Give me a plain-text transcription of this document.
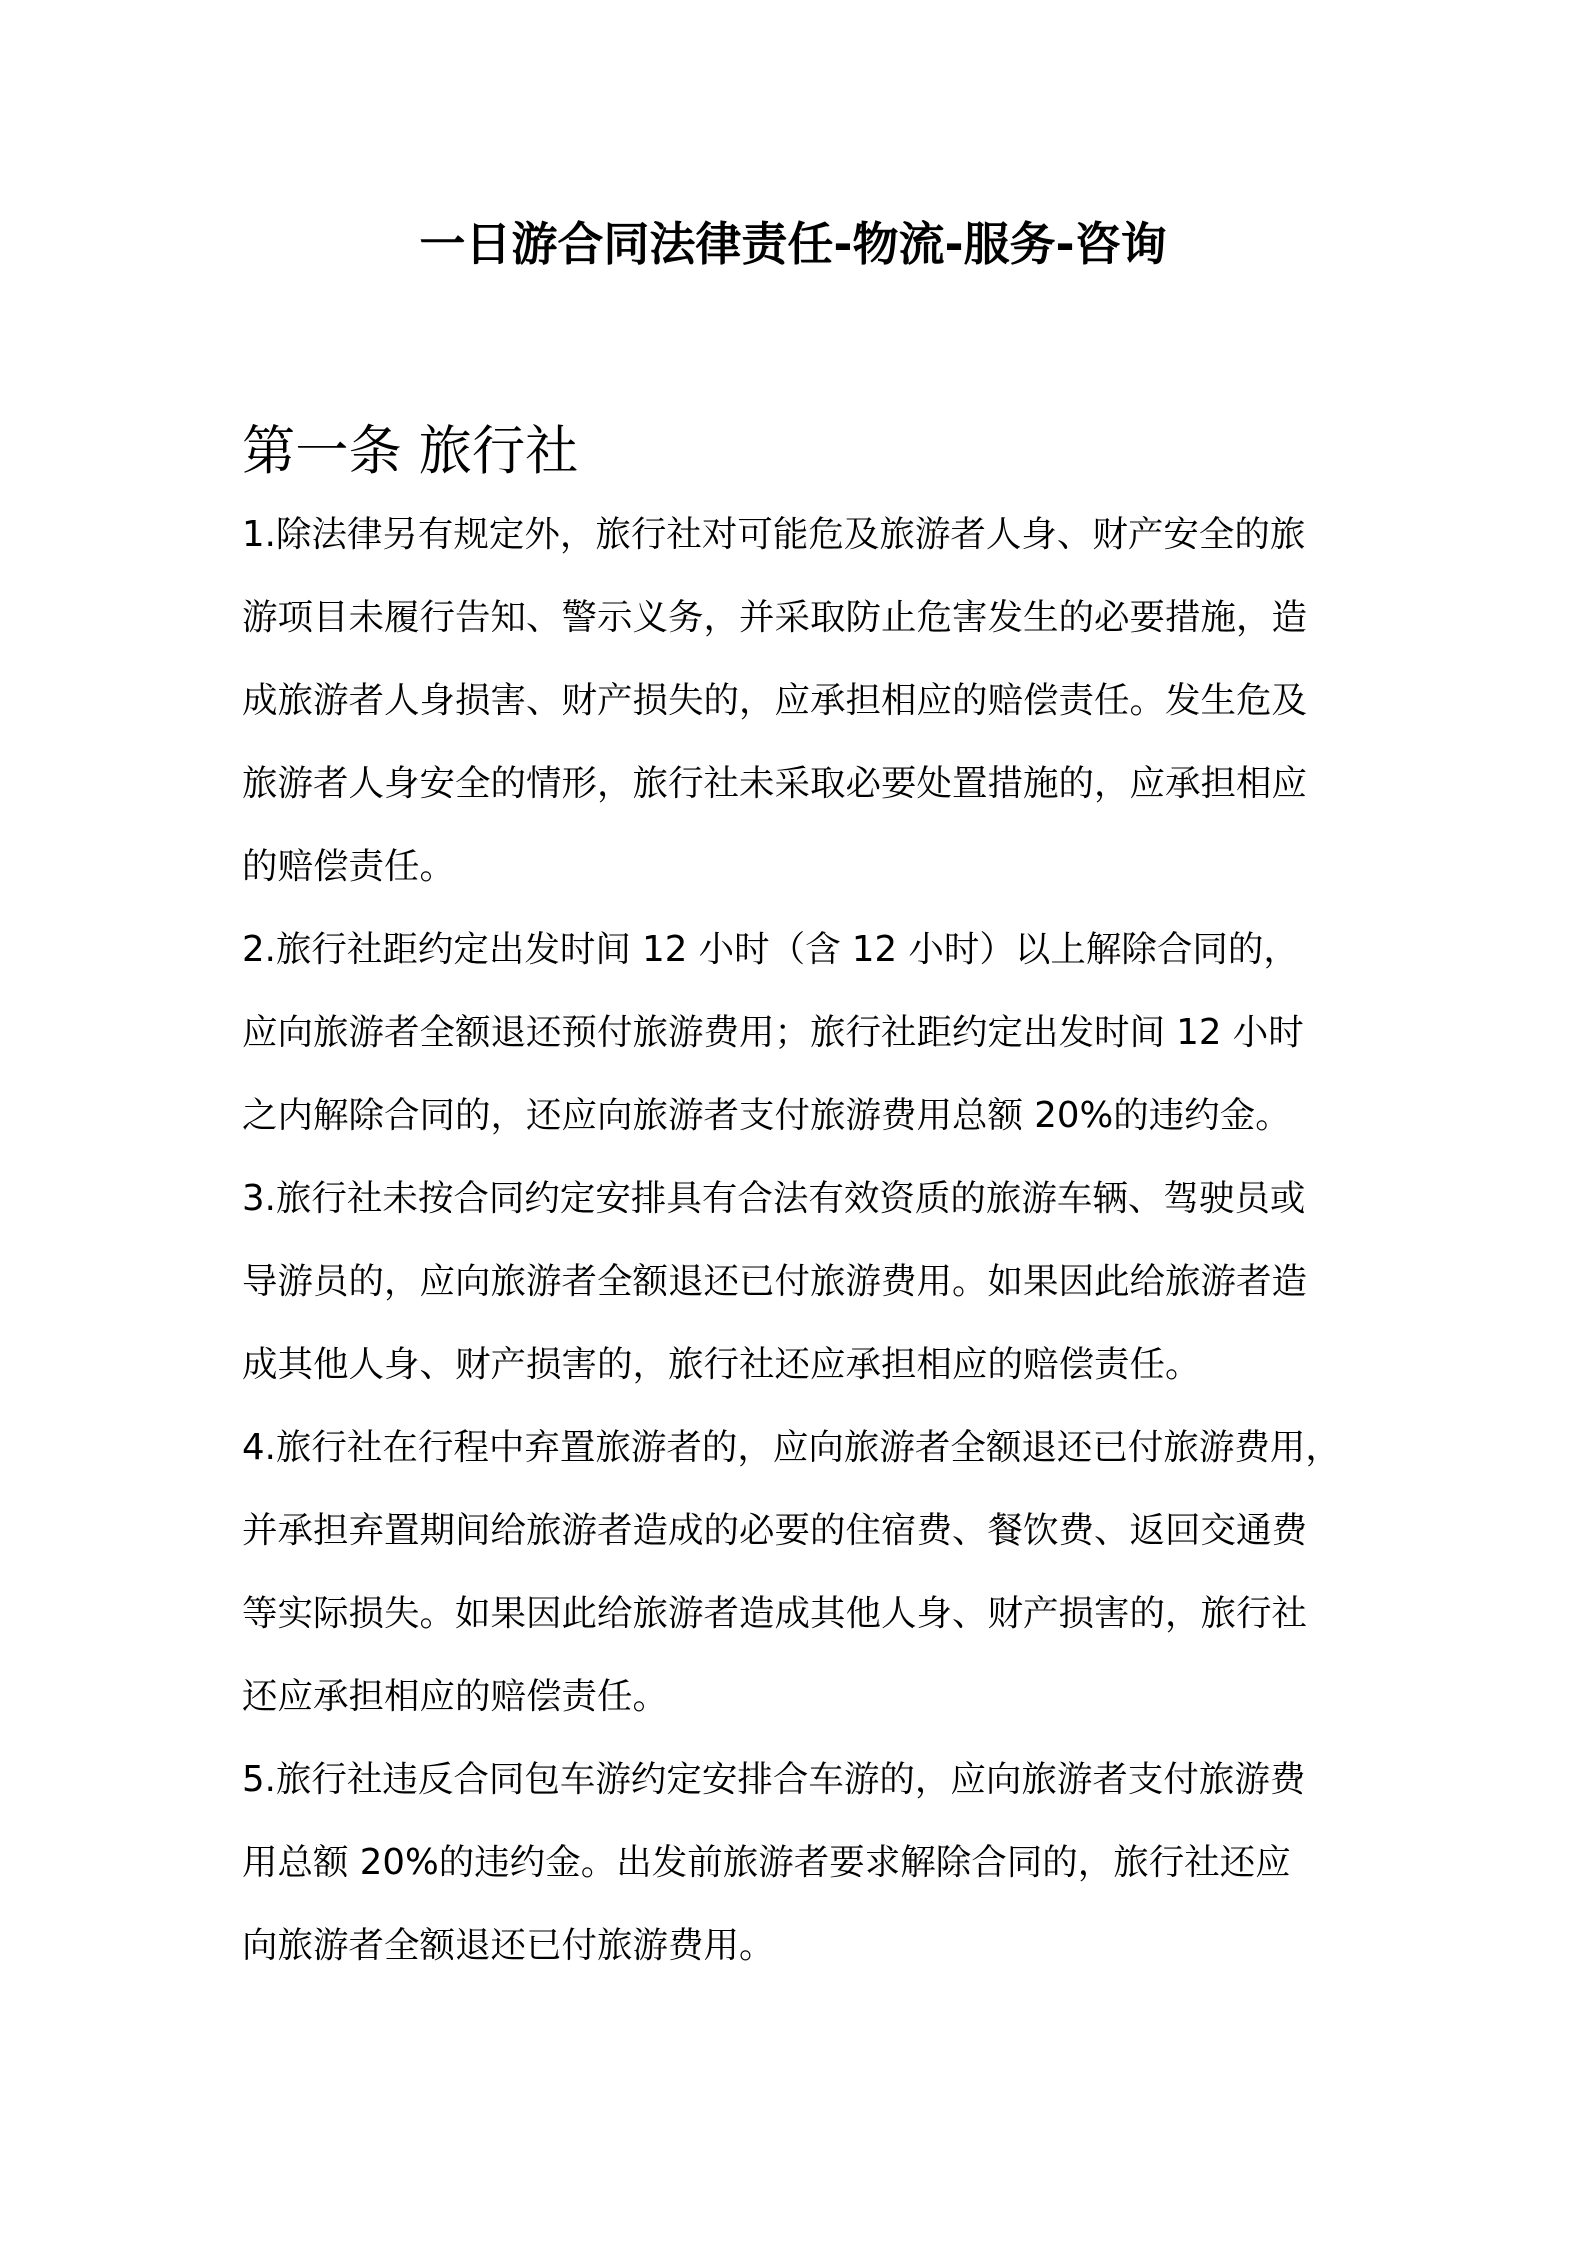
一日游合同法律责任-物流-服务-咨询
第一条 旅行社

1.除法律另有规定外，旅行社对可能危及旅游者人身、财产安全的旅
游项目未履行告知、警示义务，并采取防止危害发生的必要措施，造
成旅游者人身损害、财产损失的，应承担相应的赔偿责任。发生危及
旅游者人身安全的情形，旅行社未采取必要处置措施的，应承担相应
的赔偿责任。

2.旅行社距约定出发时间 12 小时（含 12 小时）以上解除合同的，
应向旅游者全额退还预付旅游费用；旅行社距约定出发时间 12 小时
之内解除合同的，还应向旅游者支付旅游费用总额 20%的违约金。

3.旅行社未按合同约定安排具有合法有效资质的旅游车辆、驾驶员或
导游员的，应向旅游者全额退还已付旅游费用。如果因此给旅游者造
成其他人身、财产损害的，旅行社还应承担相应的赔偿责任。

4.旅行社在行程中弃置旅游者的，应向旅游者全额退还已付旅游费用，
并承担弃置期间给旅游者造成的必要的住宿费、餐饮费、返回交通费
等实际损失。如果因此给旅游者造成其他人身、财产损害的，旅行社
还应承担相应的赔偿责任。

5.旅行社违反合同包车游约定安排合车游的，应向旅游者支付旅游费
用总额 20%的违约金。出发前旅游者要求解除合同的，旅行社还应
向旅游者全额退还已付旅游费用。
